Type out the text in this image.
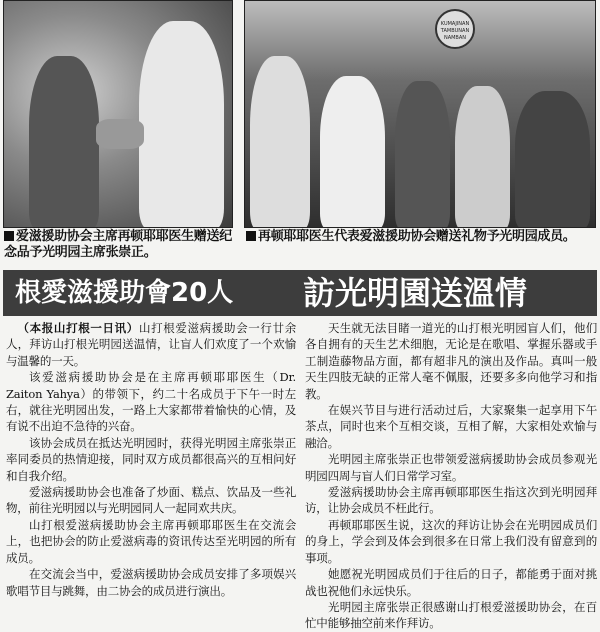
KUMAJINAN TAMBUNAN NAMBAN
爱滋援助协会主席再顿耶耶医生赠送纪念品予光明园主席张崇正。
再顿耶耶医生代表爱滋援助协会赠送礼物予光明园成员。
根愛滋援助會20人 訪光明園送溫情

（本报山打根一日讯）山打根爱滋病援助会一行廿余人，拜访山打根光明园送温情，让盲人们欢度了一个欢愉与温馨的一天。

该爱滋病援助协会是在主席再顿耶耶医生（Dr. Zaiton Yahya）的带领下，约二十名成员于下午一时左右，就往光明园出发，一路上大家都带着愉快的心情，及有说不出迫不急待的兴奋。

该协会成员在抵达光明园时，获得光明园主席张崇正率同委员的热情迎接，同时双方成员都很高兴的互相问好和自我介绍。

爱滋病援助协会也准备了炒面、糕点、饮品及一些礼物，前往光明园以与光明园同人一起同欢共庆。

山打根爱滋病援助协会主席再顿耶耶医生在交流会上，也把协会的防止爱滋病毒的资讯传达至光明园的所有成员。

在交流会当中，爱滋病援助协会成员安排了多项娱兴歌唱节目与跳舞，由二协会的成员进行演出。

天生就无法目睹一道光的山打根光明园盲人们，他们各自拥有的天生艺术细胞，无论是在歌唱、掌握乐器或手工制造藤物品方面，都有超非凡的演出及作品。真叫一般天生四肢无缺的正常人毫不佩服，还要多多向他学习和指教。

在娱兴节目与进行活动过后，大家聚集一起享用下午茶点，同时也来个互相交谈，互相了解，大家相处欢愉与融洽。

光明园主席张崇正也带领爱滋病援助协会成员参观光明园四周与盲人们日常学习室。

爱滋病援助协会主席再顿耶耶医生指这次到光明园拜访，让协会成员不枉此行。

再顿耶耶医生说，这次的拜访让协会在光明园成员们的身上，学会到及体会到很多在日常上我们没有留意到的事项。

她愿祝光明园成员们于往后的日子，都能勇于面对挑战也祝他们永远快乐。

光明园主席张崇正很感谢山打根爱滋援助协会，在百忙中能够抽空前来作拜访。
